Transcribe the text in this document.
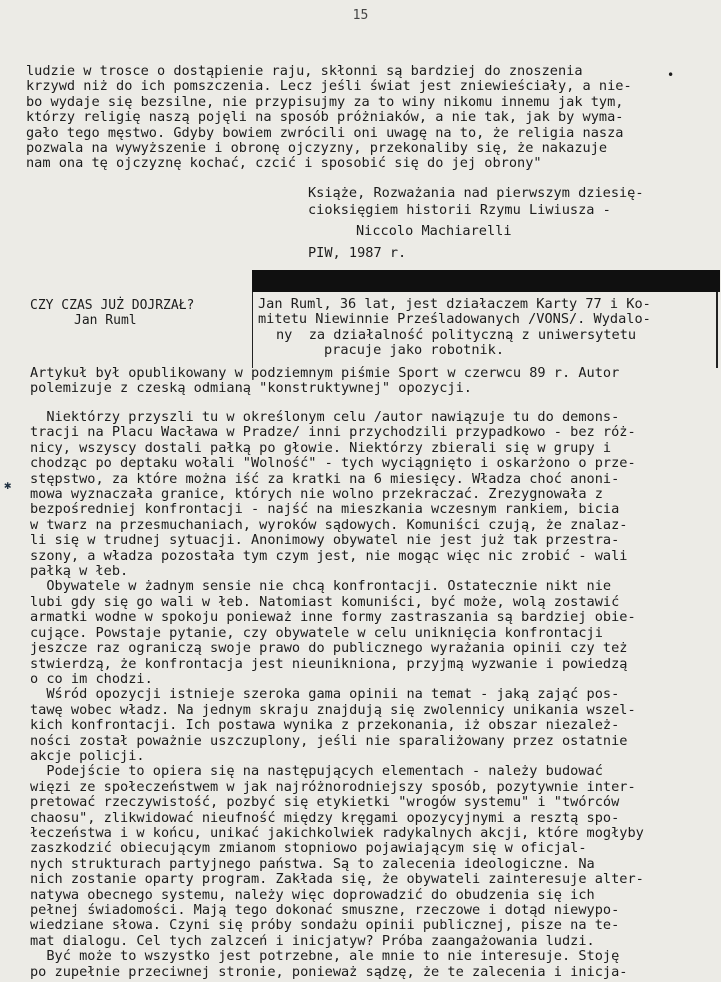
15
•
ludzie w trosce o dostąpienie raju, skłonni są bardziej do znoszenia
krzywd niż do ich pomszczenia. Lecz jeśli świat jest zniewieściały, a nie-
bo wydaje się bezsilne, nie przypisujmy za to winy nikomu innemu jak tym,
którzy religię naszą pojęli na sposób próżniaków, a nie tak, jak by wyma-
gało tego męstwo. Gdyby bowiem zwrócili oni uwagę na to, że religia nasza
pozwala na wywyższenie i obronę ojczyzny, przekonaliby się, że nakazuje
nam ona tę ojczyznę kochać, czcić i sposobić się do jej obrony"
Książe, Rozważania nad pierwszym dziesię-
cioksięgiem historii Rzymu Liwiusza -
Niccolo Machiarelli
PIW, 1987 r.
CZY CZAS JUŻ DOJRZAŁ?
Jan Ruml
Jan Ruml, 36 lat, jest działaczem Karty 77 i Ko-
mitetu Niewinnie Prześladowanych /VONS/. Wydalo-
ny  za działalność polityczną z uniwersytetu
pracuje jako robotnik.
Artykuł był opublikowany w podziemnym piśmie Sport w czerwcu 89 r. Autor
polemizuje z czeską odmianą "konstruktywnej" opozycji.
✱
Niektórzy przyszli tu w określonym celu /autor nawiązuje tu do demons-
tracji na Placu Wacława w Pradze/ inni przychodzili przypadkowo - bez róż-
nicy, wszyscy dostali pałką po głowie. Niektórzy zbierali się w grupy i
chodząc po deptaku wołali "Wolność" - tych wyciągnięto i oskarżono o prze-
stępstwo, za które można iść za kratki na 6 miesięcy. Władza choć anoni-
mowa wyznaczała granice, których nie wolno przekraczać. Zrezygnowała z
bezpośredniej konfrontacji - najść na mieszkania wczesnym rankiem, bicia
w twarz na przesmuchaniach, wyroków sądowych. Komuniści czują, że znalaz-
li się w trudnej sytuacji. Anonimowy obywatel nie jest już tak przestra-
szony, a władza pozostała tym czym jest, nie mogąc więc nic zrobić - wali
pałką w łeb.
Obywatele w żadnym sensie nie chcą konfrontacji. Ostatecznie nikt nie
lubi gdy się go wali w łeb. Natomiast komuniści, być może, wolą zostawić
armatki wodne w spokoju ponieważ inne formy zastraszania są bardziej obie-
cujące. Powstaje pytanie, czy obywatele w celu uniknięcia konfrontacji
jeszcze raz ograniczą swoje prawo do publicznego wyrażania opinii czy też
stwierdzą, że konfrontacja jest nieunikniona, przyjmą wyzwanie i powiedzą
o co im chodzi.
Wśród opozycji istnieje szeroka gama opinii na temat - jaką zająć pos-
tawę wobec władz. Na jednym skraju znajdują się zwolennicy unikania wszel-
kich konfrontacji. Ich postawa wynika z przekonania, iż obszar niezależ-
ności został poważnie uszczuplony, jeśli nie sparaliżowany przez ostatnie
akcje policji.
Podejście to opiera się na następujących elementach - należy budować
więzi ze społeczeństwem w jak najróżnorodniejszy sposób, pozytywnie inter-
pretować rzeczywistość, pozbyć się etykietki "wrogów systemu" i "twórców
chaosu", zlikwidować nieufność między kręgami opozycyjnymi a resztą spo-
łeczeństwa i w końcu, unikać jakichkolwiek radykalnych akcji, które mogłyby
zaszkodzić obiecującym zmianom stopniowo pojawiającym się w oficjal-
nych strukturach partyjnego państwa. Są to zalecenia ideologiczne. Na
nich zostanie oparty program. Zakłada się, że obywateli zainteresuje alter-
natywa obecnego systemu, należy więc doprowadzić do obudzenia się ich
pełnej świadomości. Mają tego dokonać smuszne, rzeczowe i dotąd niewypo-
wiedziane słowa. Czyni się próby sondażu opinii publicznej, pisze na te-
mat dialogu. Cel tych zalzceń i inicjatyw? Próba zaangażowania ludzi.
Być może to wszystko jest potrzebne, ale mnie to nie interesuje. Stoję
po zupełnie przeciwnej stronie, ponieważ sądzę, że te zalecenia i inicja-
